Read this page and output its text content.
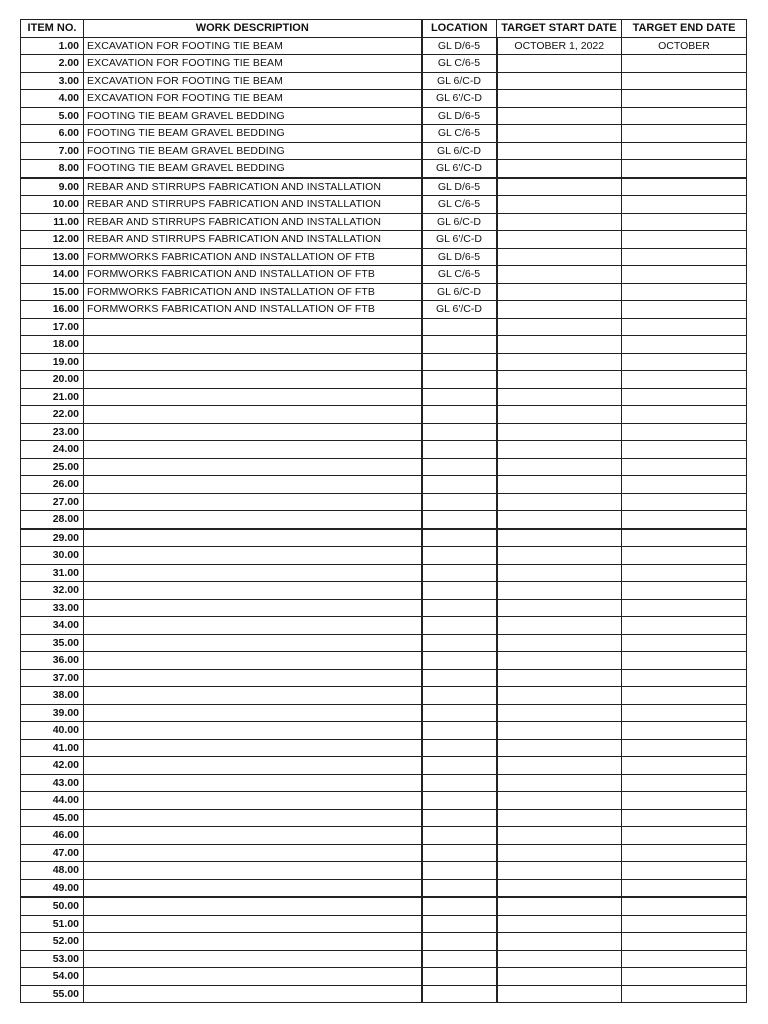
ITEM NO.	WORK DESCRIPTION	LOCATION	TARGET START DATE	TARGET END DATE
1.00	EXCAVATION FOR FOOTING TIE BEAM	GL D/6-5	OCTOBER 1, 2022	OCTOBER
2.00	EXCAVATION FOR FOOTING TIE BEAM	GL C/6-5		
3.00	EXCAVATION FOR FOOTING TIE BEAM	GL 6/C-D		
4.00	EXCAVATION FOR FOOTING TIE BEAM	GL 6'/C-D		
5.00	FOOTING TIE BEAM GRAVEL BEDDING	GL D/6-5		
6.00	FOOTING TIE BEAM GRAVEL BEDDING	GL C/6-5		
7.00	FOOTING TIE BEAM GRAVEL BEDDING	GL 6/C-D		
8.00	FOOTING TIE BEAM GRAVEL BEDDING	GL 6'/C-D		
9.00	REBAR AND STIRRUPS FABRICATION AND INSTALLATION	GL D/6-5		
10.00	REBAR AND STIRRUPS FABRICATION AND INSTALLATION	GL C/6-5		
11.00	REBAR AND STIRRUPS FABRICATION AND INSTALLATION	GL 6/C-D		
12.00	REBAR AND STIRRUPS FABRICATION AND INSTALLATION	GL 6'/C-D		
13.00	FORMWORKS FABRICATION AND INSTALLATION OF FTB	GL D/6-5		
14.00	FORMWORKS FABRICATION AND INSTALLATION OF FTB	GL C/6-5		
15.00	FORMWORKS FABRICATION AND INSTALLATION OF FTB	GL 6/C-D		
16.00	FORMWORKS FABRICATION AND INSTALLATION OF FTB	GL 6'/C-D		
17.00				
18.00				
19.00				
20.00				
21.00				
22.00				
23.00				
24.00				
25.00				
26.00				
27.00				
28.00				
29.00				
30.00				
31.00				
32.00				
33.00				
34.00				
35.00				
36.00				
37.00				
38.00				
39.00				
40.00				
41.00				
42.00				
43.00				
44.00				
45.00				
46.00				
47.00				
48.00				
49.00				
50.00				
51.00				
52.00				
53.00				
54.00				
55.00				
